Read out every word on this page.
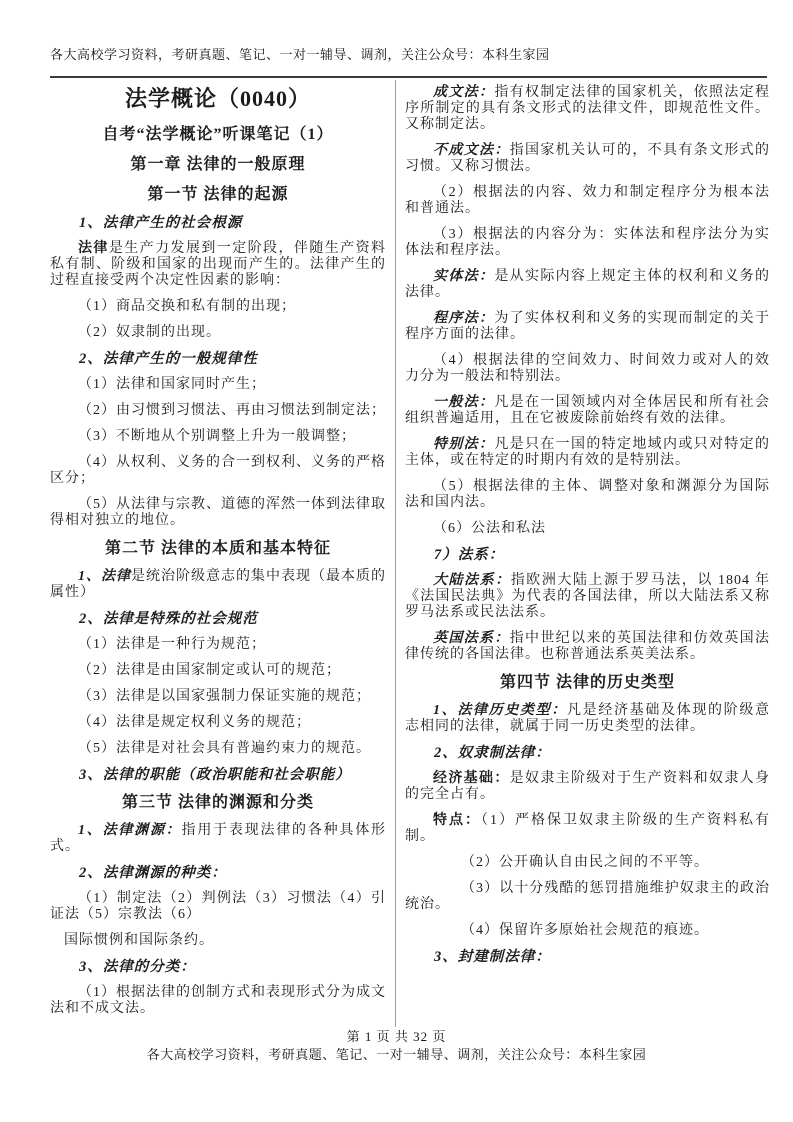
各大高校学习资料，考研真题、笔记、一对一辅导、调剂，关注公众号：本科生家园

法学概论（0040）

自考“法学概论”听课笔记（1）

第一章 法律的一般原理

第一节 法律的起源

1、法律产生的社会根源

法律是生产力发展到一定阶段，伴随生产资料私有制、阶级和国家的出现而产生的。法律产生的过程直接受两个决定性因素的影响：

（1）商品交换和私有制的出现；

（2）奴隶制的出现。

2、法律产生的一般规律性

（1）法律和国家同时产生；

（2）由习惯到习惯法、再由习惯法到制定法；

（3）不断地从个别调整上升为一般调整；

（4）从权利、义务的合一到权利、义务的严格区分；

（5）从法律与宗教、道德的浑然一体到法律取得相对独立的地位。

第二节 法律的本质和基本特征

1、法律是统治阶级意志的集中表现（最本质的属性）

2、法律是特殊的社会规范

（1）法律是一种行为规范；

（2）法律是由国家制定或认可的规范；

（3）法律是以国家强制力保证实施的规范；

（4）法律是规定权利义务的规范；

（5）法律是对社会具有普遍约束力的规范。

3、法律的职能（政治职能和社会职能）

第三节 法律的渊源和分类

1、法律渊源：指用于表现法律的各种具体形式。

2、法律渊源的种类：

（1）制定法（2）判例法（3）习惯法（4）引证法（5）宗教法（6）

国际惯例和国际条约。

3、法律的分类：

（1）根据法律的创制方式和表现形式分为成文法和不成文法。

成文法：指有权制定法律的国家机关，依照法定程序所制定的具有条文形式的法律文件，即规范性文件。又称制定法。

不成文法：指国家机关认可的，不具有条文形式的习惯。又称习惯法。

（2）根据法的内容、效力和制定程序分为根本法和普通法。

（3）根据法的内容分为：实体法和程序法分为实体法和程序法。

实体法：是从实际内容上规定主体的权利和义务的法律。

程序法：为了实体权利和义务的实现而制定的关于程序方面的法律。

（4）根据法律的空间效力、时间效力或对人的效力分为一般法和特别法。

一般法：凡是在一国领域内对全体居民和所有社会组织普遍适用，且在它被废除前始终有效的法律。

特别法：凡是只在一国的特定地域内或只对特定的主体，或在特定的时期内有效的是特别法。

（5）根据法律的主体、调整对象和渊源分为国际法和国内法。

（6）公法和私法

7）法系：

大陆法系：指欧洲大陆上源于罗马法，以 1804 年《法国民法典》为代表的各国法律，所以大陆法系又称罗马法系或民法法系。

英国法系：指中世纪以来的英国法律和仿效英国法律传统的各国法律。也称普通法系英美法系。

第四节 法律的历史类型

1、法律历史类型：凡是经济基础及体现的阶级意志相同的法律，就属于同一历史类型的法律。

2、奴隶制法律：

经济基础：是奴隶主阶级对于生产资料和奴隶人身的完全占有。

特点：（1）严格保卫奴隶主阶级的生产资料私有制。

（2）公开确认自由民之间的不平等。

（3）以十分残酷的惩罚措施维护奴隶主的政治统治。

（4）保留许多原始社会规范的痕迹。

3、封建制法律：

第 1 页 共 32 页
各大高校学习资料，考研真题、笔记、一对一辅导、调剂，关注公众号：本科生家园
